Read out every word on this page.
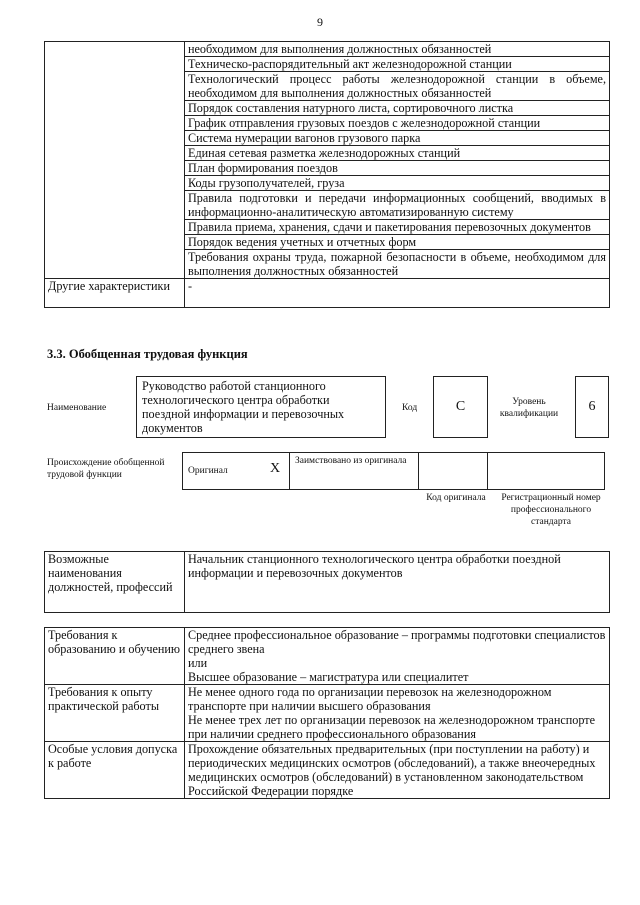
9
	необходимом для выполнения должностных обязанностей
	Техническо-распорядительный акт железнодорожной станции
	Технологический процесс работы железнодорожной станции в объеме, необходимом для выполнения должностных обязанностей
	Порядок составления натурного листа, сортировочного листка
	График отправления грузовых поездов с железнодорожной станции
	Система нумерации вагонов грузового парка
	Единая сетевая разметка железнодорожных станций
	План формирования поездов
	Коды грузополучателей, груза
	Правила подготовки и передачи информационных сообщений, вводимых в информационно-аналитическую автоматизированную систему
	Правила приема, хранения, сдачи и пакетирования перевозочных документов
	Порядок ведения учетных и отчетных форм
	Требования охраны труда, пожарной безопасности в объеме, необходимом для выполнения должностных обязанностей
Другие характеристики	-
3.3. Обобщенная трудовая функция
Наименование
Руководство работой станционного технологического центра обработки поездной информации и перевозочных документов
Код	C	Уровень квалификации	6
Происхождение обобщенной трудовой функции	Оригинал	X	Заимствовано из оригинала		
Код оригинала	Регистрационный номер профессионального стандарта
Возможные наименования должностей, профессий	Начальник станционного технологического центра обработки поездной информации и перевозочных документов
Требования к образованию и обучению	Среднее профессиональное образование – программы подготовки специалистов среднего звена
или
Высшее образование – магистратура или специалитет

Требования к опыту практической работы	Не менее одного года по организации перевозок на железнодорожном транспорте при наличии высшего образования
Не менее трех лет по организации перевозок на железнодорожном транспорте при наличии среднего профессионального образования

Особые условия допуска к работе	Прохождение обязательных предварительных (при поступлении на работу) и периодических медицинских осмотров (обследований), а также внеочередных медицинских осмотров (обследований) в установленном законодательством Российской Федерации порядке
